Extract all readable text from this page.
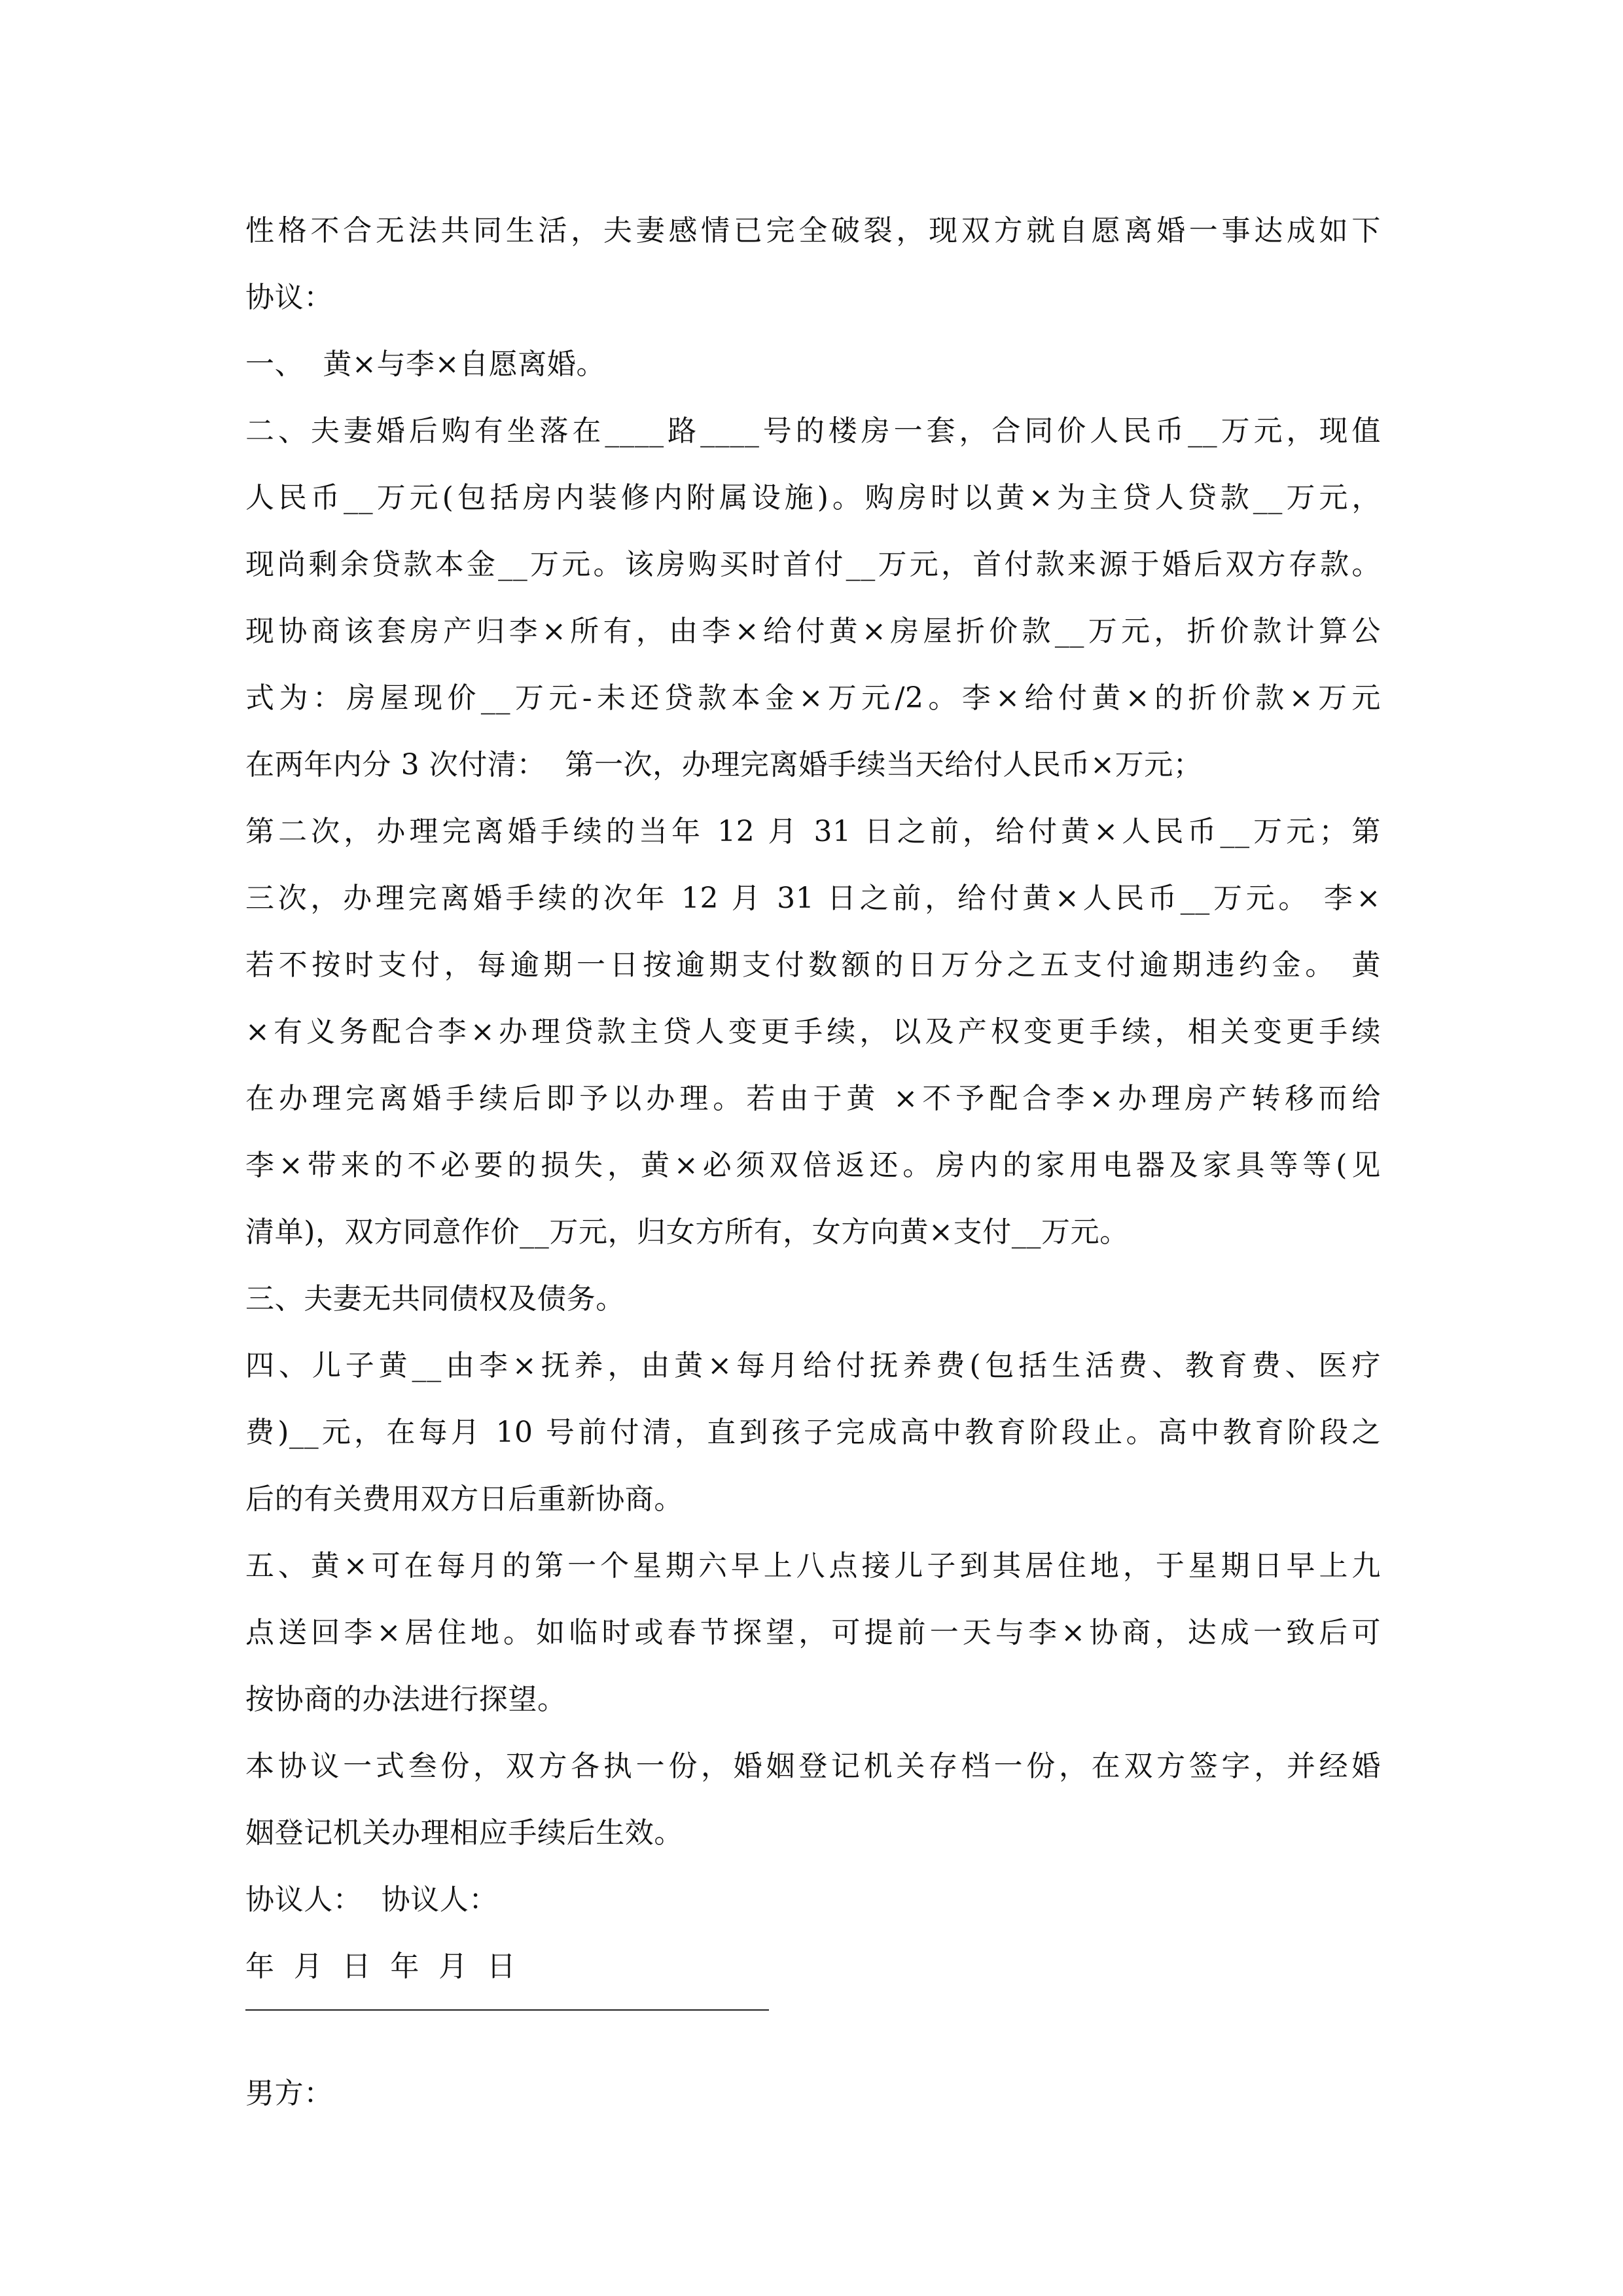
性格不合无法共同生活，夫妻感情已完全破裂，现双方就自愿离婚一事达成如下
协议：
一、  黄×与李×自愿离婚。
二、夫妻婚后购有坐落在____路____号的楼房一套，合同价人民币__万元，现值
人民币__万元(包括房内装修内附属设施)。购房时以黄×为主贷人贷款__万元，
现尚剩余贷款本金__万元。该房购买时首付__万元，首付款来源于婚后双方存款。
现协商该套房产归李×所有，由李×给付黄×房屋折价款__万元，折价款计算公
式为：房屋现价__万元-未还贷款本金×万元/2。李×给付黄×的折价款×万元
在两年内分 3 次付清：  第一次，办理完离婚手续当天给付人民币×万元；
第二次，办理完离婚手续的当年 12 月 31 日之前，给付黄×人民币__万元；第
三次，办理完离婚手续的次年 12 月 31 日之前，给付黄×人民币__万元。 李×
若不按时支付，每逾期一日按逾期支付数额的日万分之五支付逾期违约金。 黄
×有义务配合李×办理贷款主贷人变更手续，以及产权变更手续，相关变更手续
在办理完离婚手续后即予以办理。若由于黄 ×不予配合李×办理房产转移而给
李×带来的不必要的损失，黄×必须双倍返还。房内的家用电器及家具等等(见
清单)，双方同意作价__万元，归女方所有，女方向黄×支付__万元。
三、夫妻无共同债权及债务。
四、儿子黄__由李×抚养，由黄×每月给付抚养费(包括生活费、教育费、医疗
费)__元，在每月 10 号前付清，直到孩子完成高中教育阶段止。高中教育阶段之
后的有关费用双方日后重新协商。
五、黄×可在每月的第一个星期六早上八点接儿子到其居住地，于星期日早上九
点送回李×居住地。如临时或春节探望，可提前一天与李×协商，达成一致后可
按协商的办法进行探望。
本协议一式叁份，双方各执一份，婚姻登记机关存档一份，在双方签字，并经婚
姻登记机关办理相应手续后生效。
协议人：  协议人：
年  月  日  年  月  日
男方：
